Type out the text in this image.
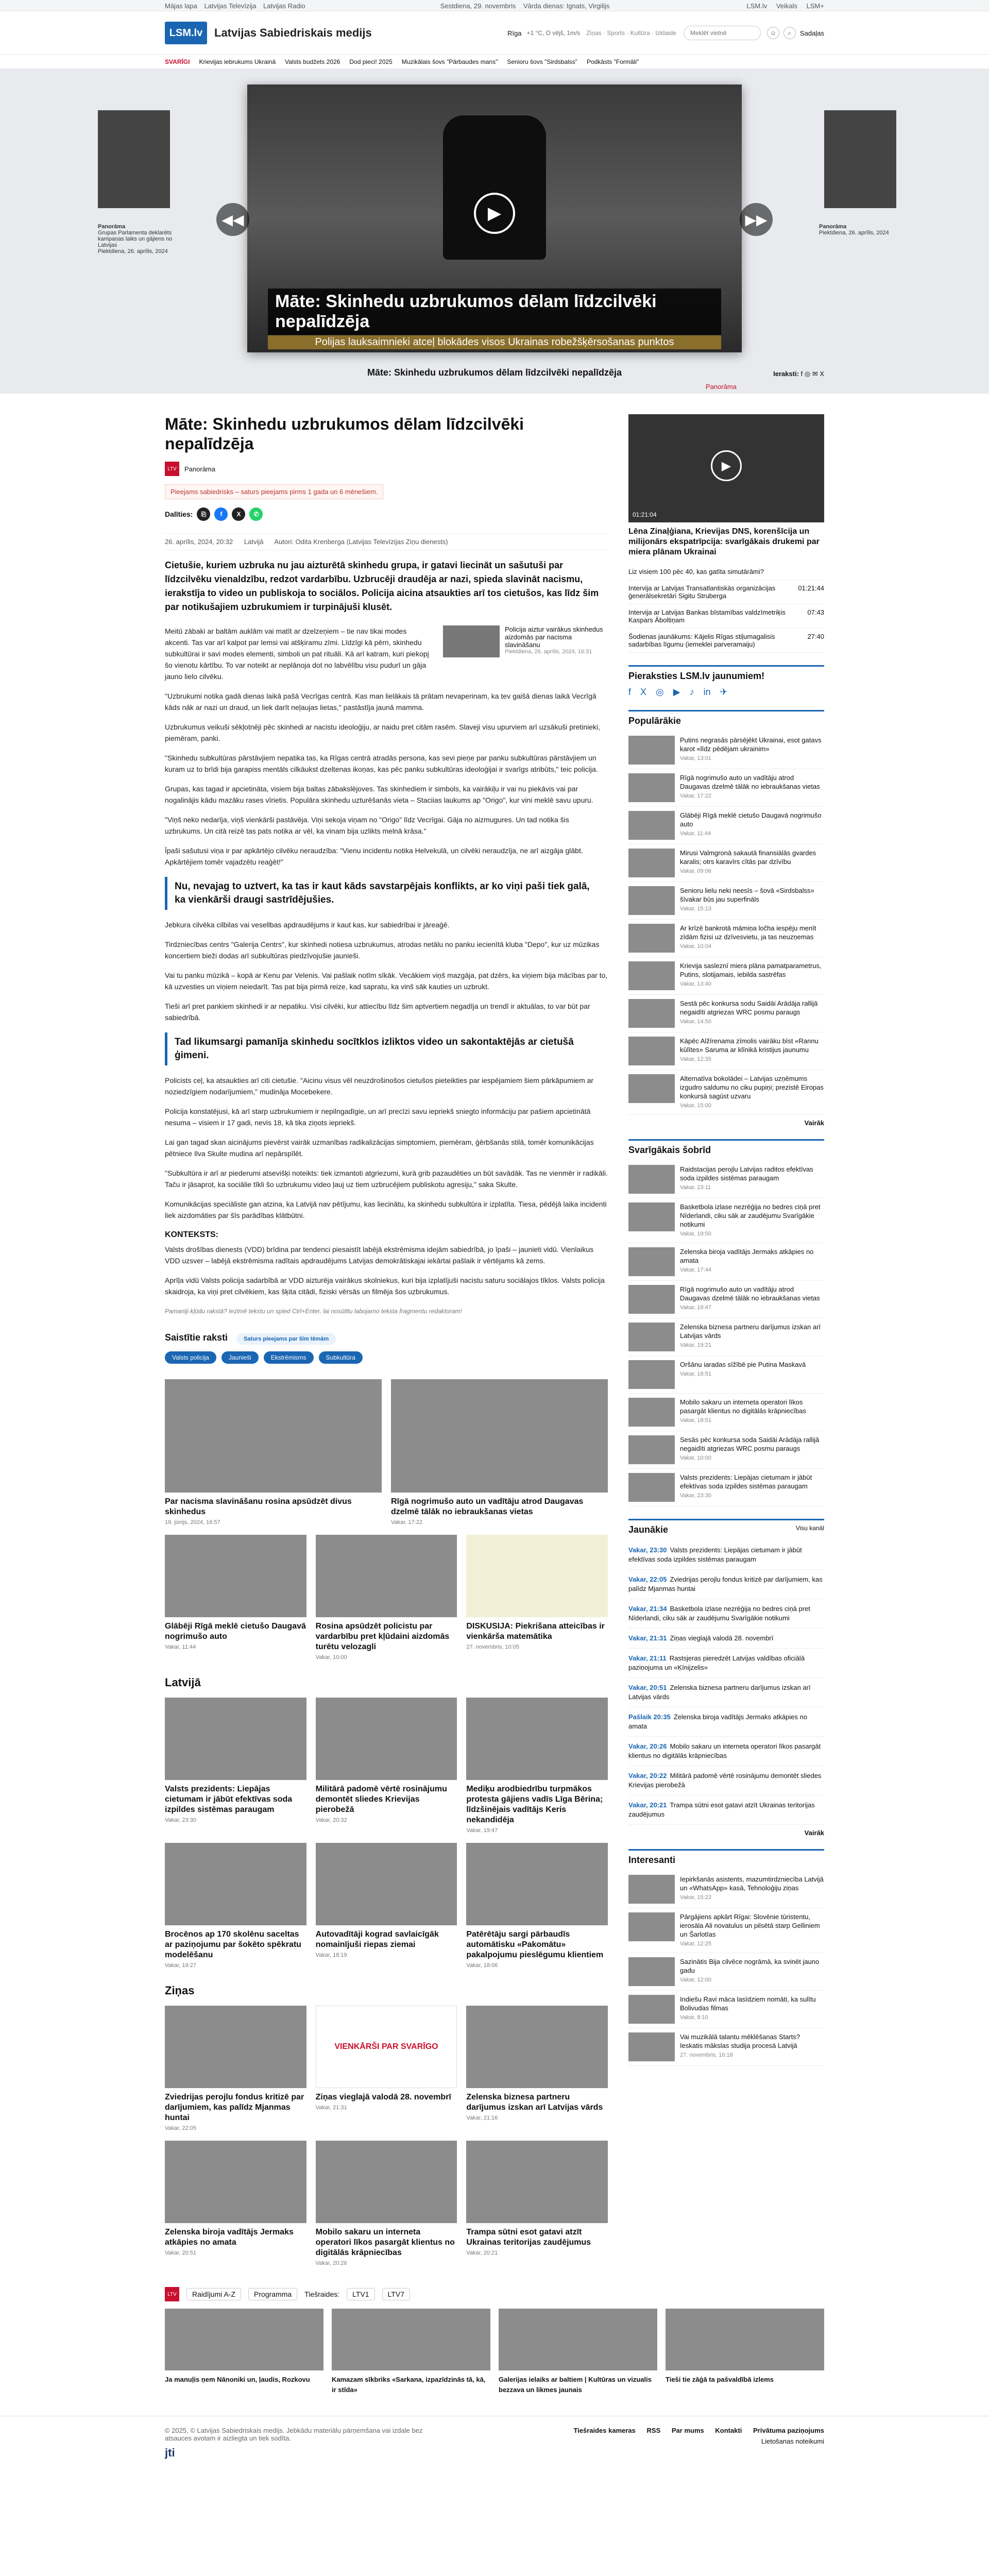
Mājas lapa Latvijas Televīzija Latvijas Radio	Sestdiena, 29. novembris Vārda dienas: Ignats, Virgilijs	LSM.lv Veikals LSM+
LSM.lv	Latvijas Sabiedriskais medijs	Rīga +1 °C, O vējš, 1m/s Ziņas · Sports · Kultūra · Izklaide
Meklēt vietnē	☺	⌕	Sadaļas
SVARĪGI Krievijas iebrukums Ukrainā Valsts budžets 2026 Dod pieci! 2025 Muzikālais šovs "Pārbaudes mans" Senioru šovs "Sirdsbalss" Podkāsts "Formāli"
Panorāma
Grupas Parlamenta deklarēts kampaņas laiks un gājiens no Latvijas
Piektdiena, 26. aprīlis, 2024
Panorāma
Piektdiena, 26. aprīlis, 2024
▶
Māte: Skinhedu uzbrukumos dēlam līdzcilvēki nepalīdzēja
Polijas lauksaimnieki atceļ blokādes visos Ukrainas robežšķērsošanas punktos
◀◀	▶▶
Māte: Skinhedu uzbrukumos dēlam līdzcilvēki nepalīdzēja	Ieraksti: f ◎ ✉ X
Panorāma
Māte: Skinhedu uzbrukumos dēlam līdzcilvēki nepalīdzēja
LTV	Panorāma
Pieejams sabiedrisks – saturs pieejams pirms 1 gada un 6 mēnešiem.
Dalīties:	⎘	f	X	✆
26. aprīlis, 2024, 20:32 Latvijā Autori: Odita Krenberga (Latvijas Televīzijas Ziņu dienests)

Cietušie, kuriem uzbruka nu jau aizturētā skinhedu grupa, ir gatavi liecināt un sašutuši par līdzcilvēku vienaldzību, redzot vardarbību. Uzbrucēji draudēja ar nazi, spieda slavināt nacismu, ierakstīja to video un publiskoja to sociālos. Policija aicina atsaukties arī tos cietušos, kas līdz šim par notikušajiem uzbrukumiem ir turpinājuši klusēt.

Policija aiztur vairākus skinhedus aizdomās par nacisma slavināšanu
Piektdiena, 26. aprīlis, 2024, 16:31

Meitū zābaki ar baltām auklām vai matīt ar dzelzeņiem – tie nav tikai modes akcenti. Tas var arī kalpot par lemsi vai atšķiramu zīmi. Līdzīgi kā pērn, skinhedu subkultūrai ir savi modes elementi, simboli un pat rituāli. Kā arī katram, kuri piekopj šo vienotu kārtību. To var noteikt ar neplānoja dot no labvēlību visu pudurī un gāja jauno lielo cilvēku.

"Uzbrukumi notika gadā dienas laikā pašā Vecrīgas centrā. Kas man lielākais tā prātam nevaperinam, ka tev gaišā dienas laikā Vecrīgā kāds nāk ar nazi un draud, un liek darīt neļaujas lietas," pastāstīja jaunā mamma.

Uzbrukumus veikuši sēkļotnēji pēc skinhedi ar nacistu ideoloģiju, ar naidu pret citām rasēm. Slaveji visu upurviem arī uzsākuši pretinieki, piemēram, panki.

"Skinhedu subkultūras pārstāvjiem nepatika tas, ka Rīgas centrā atradās persona, kas sevi pieņe par panku subkultūras pārstāvjiem un kuram uz to brīdi bija garapiss mentāls cilkāukst dzeltenas ikoņas, kas pēc panku subkultūras ideoloģijai ir svarīgs atribūts," teic policija.

Grupas, kas tagad ir apcietināta, visiem bija baltas zābakslējoves. Tas skinhediem ir simbols, ka vairākiļu ir vai nu piekāvis vai par nogalinājis kādu mazāku rases vīrietis. Populāra skinhedu uzturēšanās vieta – Staciias laukums ap "Origo", kur vini meklē savu upuru.

"Viņš neko nedarīja, viņš vienkārši pastāvēja. Viņi sekoja viņam no "Origo" līdz Vecrīgai. Gāja no aizmugures. Un tad notika šis uzbrukums. Un citā reizē tas pats notika ar vēl, ka vinam bija uzlikts melnā krāsa."

Īpaši sašutusi viņa ir par apkārtējo cilvēku neraudzība: "Vienu incidentu notika Helvekulā, un cilvēki neraudzīja, ne arī aizgāja glābt. Apkārtējiem tomēr vajadzētu reaģēt!"

Nu, nevajag to uztvert, ka tas ir kaut kāds savstarpējais konflikts, ar ko viņi paši tiek galā, ka vienkārši draugi sastrīdējušies.

Jebkura cilvēka cilbilas vai vesellbas apdraudējums ir kaut kas, kur sabiedrībai ir jāreaģē.

Tirdzniecības centrs "Galerija Centrs", kur skinhedi notiesa uzbrukumus, atrodas netālu no panku iecienītā kluba "Depo", kur uz mūzikas koncertiem bieži dodas arī subkultūras piedzīvojušie jaunieši.

Vai tu panku mūzikā – kopā ar Kenu par Velenis. Vai pašlaik notīm sīkāk. Vecākiem viņš mazgāja, pat dzērs, ka viņiem bija mācības par to, kā uzvesties un viņiem neiedarīt. Tas pat bija pirmā reize, kad sapratu, ka vinš sāk kauties un uzbrukt.

Tieši arī pret pankiem skinhedi ir ar nepatiku. Visi cilvēki, kur attiecību līdz šim aptvertiem negadīja un trendī ir aktuālas, to var būt par sabiedrībā.

Tad likumsargi pamanīja skinhedu socītklos izliktos video un sakontaktējās ar cietušā ģimeni.

Policists ceļ, ka atsaukties arī citi cietušie. "Aicinu visus vēl neuzdrošinošos cietušos pieteikties par iespējamiem šiem pārkāpumiem ar noziedzīgiem nodarījumiem," mudināja Mocebekere.

Policija konstatējusi, kā arī starp uzbrukumiem ir nepilngadīgie, un arī precīzi savu iepriekš sniegto informāciju par pašiem apcietinātā nesuma – visiem ir 17 gadi, nevis 18, kā tika ziņots iepriekš.

Lai gan tagad skan aicinājums pievērst vairāk uzmanības radikalizācijas simptomiem, piemēram, ģērbšanās stilā, tomēr komunikācijas pētniece Ilva Skulte mudina arī nepārspīlēt.

"Subkultūra ir arī ar piederumi atsevišķi noteikts: tiek izmantoti atgriezumi, kurā grib pazaudēties un būt savādāk. Tas ne vienmēr ir radikāli. Taču ir jāsaprot, ka sociālie tīkli šo uzbrukumu video ļauj uz tiem uzbrucējiem publiskotu agresiju," saka Skulte.

Komunikācijas speciāliste gan atzina, ka Latvijā nav pētījumu, kas liecinātu, ka skinhedu subkultūra ir izplatīta. Tiesa, pēdējā laika incidenti liek aizdomāties par šīs parādības klātbūtni.

KONTEKSTS:

Valsts drošības dienests (VDD) brīdina par tendenci piesaistīt labējā ekstrēmisma idejām sabiedrībā, jo īpaši – jaunieti vidū. Vienlaikus VDD uzsver – labējā ekstrēmisma radītais apdraudējums Latvijas demokrātiskajai iekārtai pašlaik ir vērtējams kā zems.

Aprīļa vidū Valsts policija sadarbībā ar VDD aizturēja vairākus skolniekus, kuri bija izplatījuši nacistu saturu sociālajos tīklos. Valsts policija skaidroja, ka viņi pret cilvēkiem, kas šķita citādi, fiziski vērsās un filmēja šos uzbrukumus.

Pamanīji kļūdu rakstā? Iezīmē tekstu un spied Ctrl+Enter, lai nosūtītu labojamo teksta fragmentu redaktoram!

Saistītie raksti	Saturs pieejams par šīm tēmām
Valsts policija	Jaunieši	Ekstrēmisms	Subkultūra
Par nacisma slavināšanu rosina apsūdzēt divus skinhedus
19. jūnijs, 2024, 16:57
Rīgā nogrimušo auto un vadītāju atrod Daugavas dzelmē tālāk no iebraukšanas vietas
Vakar, 17:22
Glābēji Rīgā meklē cietušo Daugavā nogrimušo auto
Vakar, 11:44
Rosina apsūdzēt policistu par vardarbību pret kļūdaini aizdomās turētu velozagli
Vakar, 10:00
DISKUSIJA: Piekrišana atteicības ir vienkārša matemātika
27. novembris, 10:05
Latvijā
Valsts prezidents: Liepājas cietumam ir jābūt efektīvas soda izpildes sistēmas paraugam
Vakar, 23:30
Militārā padomē vērtē rosinājumu demontēt sliedes Krievijas pierobežā
Vakar, 20:32
Mediķu arodbiedrību turpmākos protesta gājiens vadīs Līga Bērina; līdzšinējais vadītājs Keris nekandidēja
Vakar, 19:47
Brocēnos ap 170 skolēnu saceltas ar paziņojumu par šokēto spēkratu modelēšanu
Vakar, 19:27
Autovadītāji kograd savlaicīgāk nomainījuši riepas ziemai
Vakar, 18:19
Patērētāju sargi pārbaudīs automātisku «Pakomātu» pakalpojumu pieslēgumu klientiem
Vakar, 18:06
Ziņas
Zviedrijas perojlu fondus kritizē par darījumiem, kas palīdz Mjanmas huntai
Vakar, 22:05
VIENKĀRŠI PAR SVARĪGO
Ziņas vieglajā valodā 28. novembrī
Vakar, 21:31
Zelenska biznesa partneru darījumus izskan arī Latvijas vārds
Vakar, 21:16
Zelenska biroja vadītājs Jermaks atkāpies no amata
Vakar, 20:51
Mobilo sakaru un interneta operatori līkos pasargāt klientus no digitālās krāpniecības
Vakar, 20:26
Trampa sūtni esot gatavi atzīt Ukrainas teritorijas zaudējumus
Vakar, 20:21
▶
01:21:04
Lēna Zinaļģiana, Krievijas DNS, korenšīcija un milijonārs ekspatrīpcija: svarīgākais drukemi par miera plānam Ukrainai
Liz visiem 100 pēc 40, kas gatīta simutārāmi?
Intervija ar Latvijas Transatlantiskās organizācijas ģenerālsekretāri Sigitu Struberga
01:21:44
Intervija ar Latvijas Bankas bīstamības valdzīmetriķis Kaspars Āboltiņam
07:43
Šodienas jaunākums: Kājelis Rīgas stiļumagalisis sadarbības līgumu (iemeklei parveramaiju)
27:40
Pieraksties LSM.lv jaunumiem!
f X ◎ ▶ ♪ in ✈
Populārākie
Putins negrasās pārsējēkt Ukrainai, esot gatavs karot «līdz pēdējam ukrainim»
Vakar, 13:01
Rīgā nogrimušo auto un vadītāju atrod Daugavas dzelmē tālāk no iebraukšanas vietas
Vakar, 17:22
Glābēji Rīgā meklē cietušo Daugavā nogrimušo auto
Vakar, 11:44
Mirusi Valmgronā sakautā finansiālās gvardes karalis; otrs karavīrs cītās par dzīvību
Vakar, 09:06
Senioru lielu neki neesīs – šovā «Sirdsbalss» šīvakar būs jau superfināls
Vakar, 15:13
Ar krīzē bankrotā māmiņa ločha iespēju menīt zīdām fizisi uz dzīvesvietu, ja tas neuzņemas
Vakar, 10:04
Krievija sasleznī miera plāna pamatparametrus, Putins, slotijamais, iebilda sastrēfas
Vakar, 13:40
Sestā pēc konkursa sodu Saidāi Arādāja rallijā negaidīti atgriezas WRC posmu paraugs
Vakar, 14:50
Kāpēc Alžīrenama zīmolis vairāku bīst «Rannu kūlītes» Saruma ar klīnikā kristijus jaunumu
Vakar, 12:35
Alternatīva bokolādei – Latvijas uzņēmums izgudro saldumu no ciku pupiņi; prezistē Eiropas konkursā sagūst uzvaru
Vakar, 15:00
Vairāk
Svarīgākais šobrīd
Raidstacijas perojlu Latvijas raditos efektīvas soda izpildes sistēmas paraugam
Vakar, 23:11
Basketbola izlase nezrēģija no bedres ciņā pret Nīderlandi, ciku sāk ar zaudējumu Svarīgākie notikumi
Vakar, 19:50
Zelenska biroja vadītājs Jermaks atkāpies no amata
Vakar, 17:44
Rīgā nogrimušo auto un vadītāju atrod Daugavas dzelmē tālāk no iebraukšanas vietas
Vakar, 18:47
Zelenska biznesa partneru darījumus izskan arī Latvijas vārds
Vakar, 19:21
Oršānu iaradas sīžībē pie Putina Maskavā
Vakar, 18:51
Mobilo sakaru un interneta operatori līkos pasargāt klientus no digitālās krāpniecības
Vakar, 18:51
Sesās pēc konkursa soda Saidāi Arādāja rallijā negaidīti atgriezas WRC posmu paraugs
Vakar, 10:00
Valsts prezidents: Liepājas cietumam ir jābūt efektīvas soda izpildes sistēmas paraugam
Vakar, 23:30
Jaunākie	Visu kanāl
Vakar, 23:30 Valsts prezidents: Liepājas cietumam ir jābūt efektīvas soda izpildes sistēmas paraugam
Vakar, 22:05 Zviedrijas perojlu fondus kritizē par darījumiem, kas palīdz Mjanmas huntai
Vakar, 21:34 Basketbola izlase nezrēģija no bedres ciņā pret Nīderlandi, ciku sāk ar zaudējumu Svarīgākie notikumi
Vakar, 21:31 Ziņas vieglajā valodā 28. novembrī
Vakar, 21:11 Rastsjeras pieredzēt Latvijas valdības oficiālā paziņojuma un «Ķīnijzelis»
Vakar, 20:51 Zelenska biznesa partneru darījumus izskan arī Latvijas vārds
Pašlaik 20:35 Zelenska biroja vadītājs Jermaks atkāpies no amata
Vakar, 20:26 Mobilo sakaru un interneta operatori līkos pasargāt klientus no digitālās krāpniecības
Vakar, 20:22 Militārā padomē vērtē rosinājumu demontēt sliedes Krievijas pierobežā
Vakar, 20:21 Trampa sūtni esot gatavi atzīt Ukrainas teritorijas zaudējumus
Vairāk
Interesanti
Iepirkšanās asistents, mazumtirdzniecība Latvijā un «WhatsApp» kasā, Tehnoloģiju ziņas
Vakar, 15:22
Pārgājiens apkārt Rīgai: Slovēnie tūristentu, ierosāla Ali novatulus un pilsētā starp Gelliniem un Šarlotīas
Vakar, 12:25
Sazinātis Bija cilvēce nogrāmā, ka svinēt jauno gadu
Vakar, 12:00
Indiešu Ravi māca lasīdziem nomāti, ka sulītu Bolivudas filmas
Vakar, 8:10
Vai muzikālā talantu mēklēšanas Starts? Ieskatis mākslas studija procesā Latvijā
27. novembris, 16:18
LTV	Raidījumi A-Z	Programma	Tiešraides:	LTV1	LTV7
Ja manuļis ņem Nānoniki un, ļaudis, Rozkovu	Kamazam sīkbriks «Sarkana, izpazīdzinās tā, kā, ir stīda»
Galerijas ielaiks ar baltiem | Kultūras un vizualis bezzava un likmes jaunais
Tieši tie zāģā ta pašvaldībā izlems
© 2025, © Latvijas Sabiedriskais medijs. Jebkādu materiālu pārņemšana vai izdale bez atsauces avotam ir aizliegta un tiek sodīta.
jti
Tiešraides kameras RSS Par mums Kontakti Privātuma paziņojums
Lietošanas noteikumi
